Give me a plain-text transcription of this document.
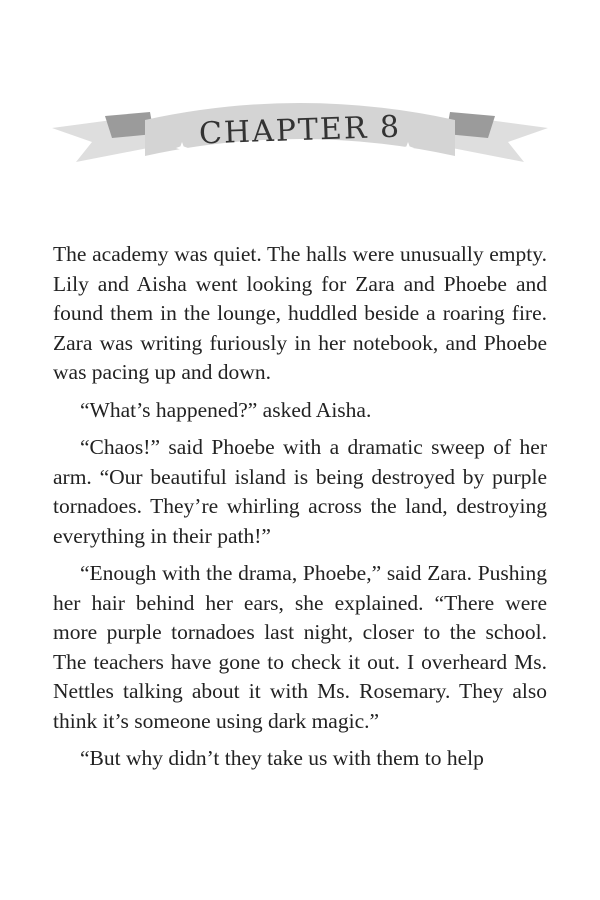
CHAPTER 8

The academy was quiet. The halls were unusually empty. Lily and Aisha went looking for Zara and Phoebe and found them in the lounge, huddled beside a roaring fire. Zara was writing furiously in her notebook, and Phoebe was pacing up and down.

“What’s happened?” asked Aisha.

“Chaos!” said Phoebe with a dramatic sweep of her arm. “Our beautiful island is being destroyed by purple tornadoes. They’re whirling across the land, destroying everything in their path!”

“Enough with the drama, Phoebe,” said Zara. Pushing her hair behind her ears, she explained. “There were more purple tornadoes last night, closer to the school. The teachers have gone to check it out. I overheard Ms. Nettles talking about it with Ms. Rosemary. They also think it’s someone using dark magic.”

“But why didn’t they take us with them to help
